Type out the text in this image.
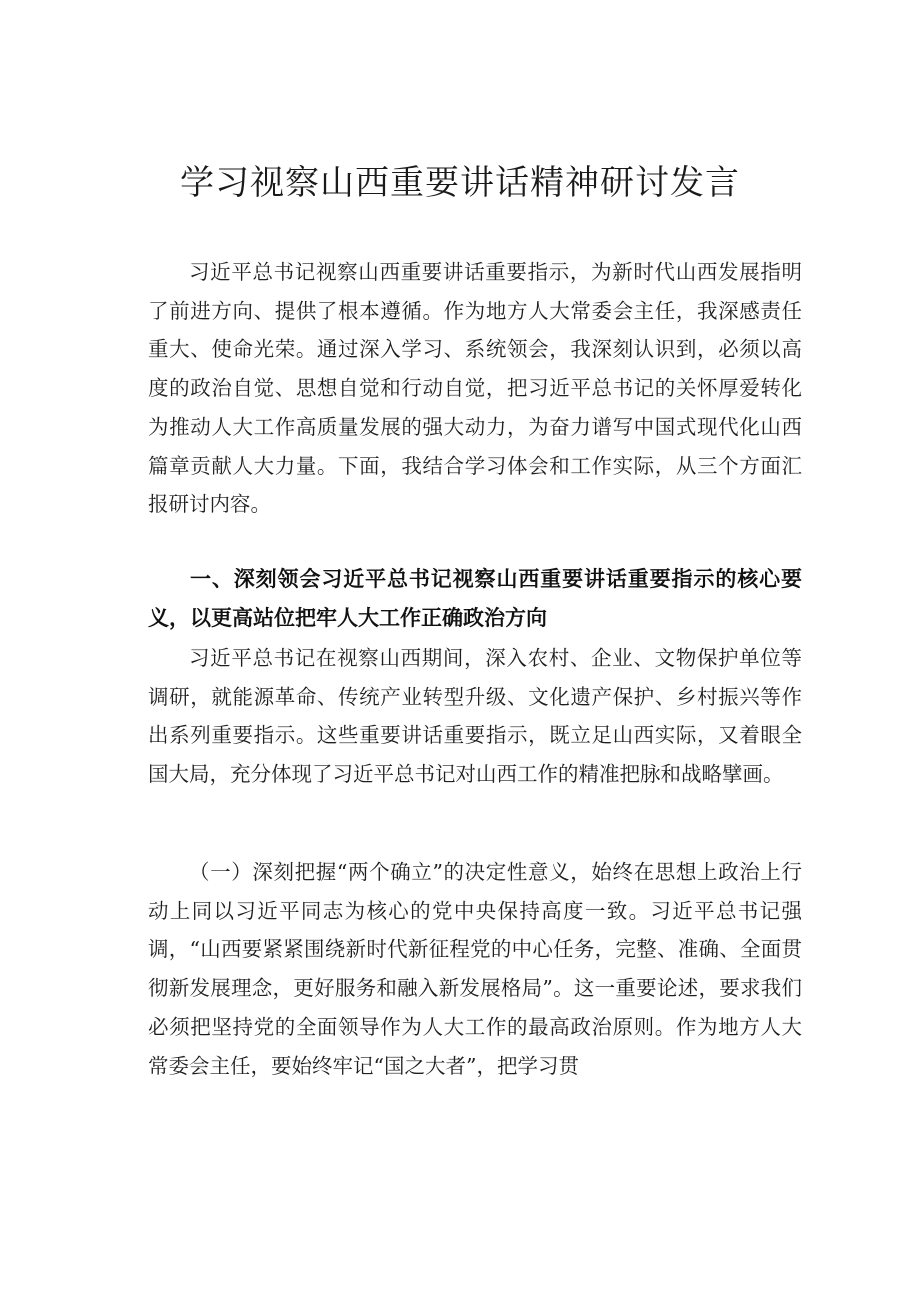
学习视察山西重要讲话精神研讨发言

习近平总书记视察山西重要讲话重要指示，为新时代山西发展指明了前进方向、提供了根本遵循。作为地方人大常委会主任，我深感责任重大、使命光荣。通过深入学习、系统领会，我深刻认识到，必须以高度的政治自觉、思想自觉和行动自觉，把习近平总书记的关怀厚爱转化为推动人大工作高质量发展的强大动力，为奋力谱写中国式现代化山西篇章贡献人大力量。下面，我结合学习体会和工作实际，从三个方面汇报研讨内容。

一、深刻领会习近平总书记视察山西重要讲话重要指示的核心要义，以更高站位把牢人大工作正确政治方向

习近平总书记在视察山西期间，深入农村、企业、文物保护单位等调研，就能源革命、传统产业转型升级、文化遗产保护、乡村振兴等作出系列重要指示。这些重要讲话重要指示，既立足山西实际，又着眼全国大局，充分体现了习近平总书记对山西工作的精准把脉和战略擘画。

（一）深刻把握“两个确立”的决定性意义，始终在思想上政治上行动上同以习近平同志为核心的党中央保持高度一致。习近平总书记强调，“山西要紧紧围绕新时代新征程党的中心任务，完整、准确、全面贯彻新发展理念，更好服务和融入新发展格局”。这一重要论述，要求我们必须把坚持党的全面领导作为人大工作的最高政治原则。作为地方人大常委会主任，要始终牢记“国之大者”，把学习贯
